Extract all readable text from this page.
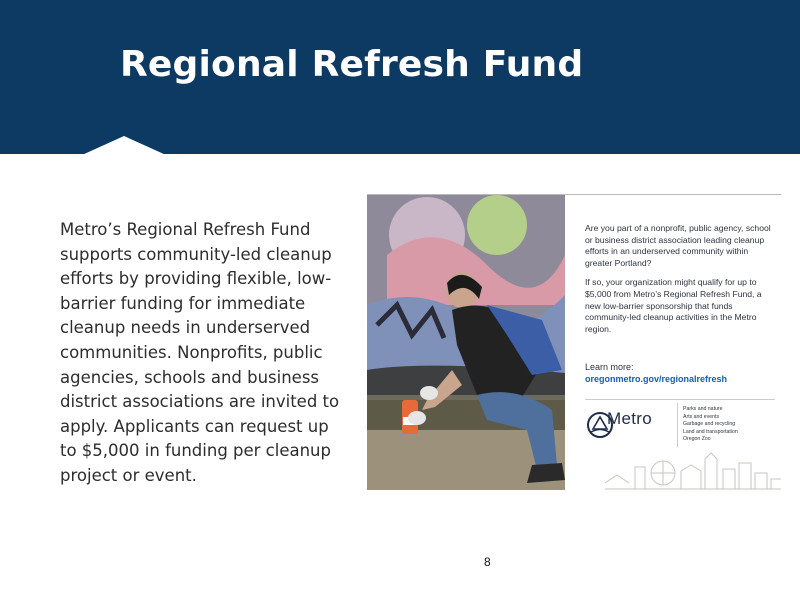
Regional Refresh Fund
Metro’s Regional Refresh Fund supports community-led cleanup efforts by providing flexible, low-barrier funding for immediate cleanup needs in underserved communities. Nonprofits, public agencies, schools and business district associations are invited to apply. Applicants can request up to $5,000 in funding per cleanup project or event.

Are you part of a nonprofit, public agency, school or business district association leading cleanup efforts in an underserved community within greater Portland?

If so, your organization might qualify for up to $5,000 from Metro’s Regional Refresh Fund, a new low-barrier sponsorship that funds community-led cleanup activities in the Metro region.

Learn more:
oregonmetro.gov/regionalrefresh
Metro	Parks and nature
Arts and events
Garbage and recycling
Land and transportation
Oregon Zoo
8
